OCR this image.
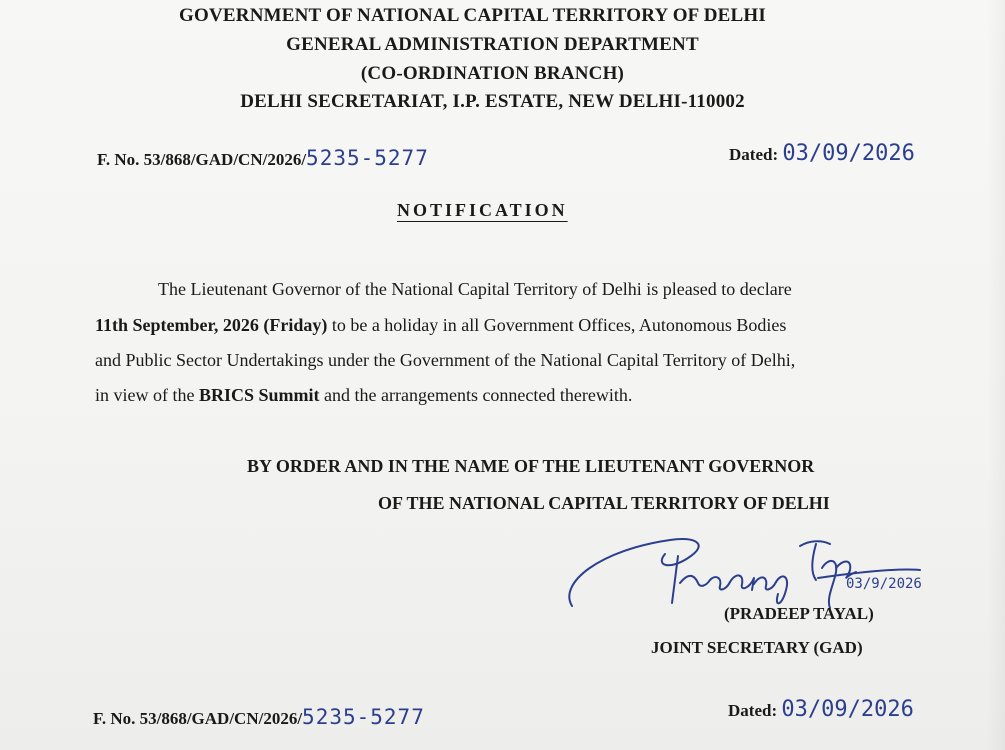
GOVERNMENT OF NATIONAL CAPITAL TERRITORY OF DELHI
GENERAL ADMINISTRATION DEPARTMENT
(CO-ORDINATION BRANCH)
DELHI SECRETARIAT, I.P. ESTATE, NEW DELHI-110002
F. No. 53/868/GAD/CN/2026/5235-5277	Dated: 03/09/2026
NOTIFICATION
The Lieutenant Governor of the National Capital Territory of Delhi is pleased to declare
11th September, 2026 (Friday) to be a holiday in all Government Offices, Autonomous Bodies
and Public Sector Undertakings under the Government of the National Capital Territory of Delhi,
in view of the BRICS Summit and the arrangements connected therewith.
BY ORDER AND IN THE NAME OF THE LIEUTENANT GOVERNOR
OF THE NATIONAL CAPITAL TERRITORY OF DELHI
03/9/2026
(PRADEEP TAYAL)
JOINT SECRETARY (GAD)
F. No. 53/868/GAD/CN/2026/5235-5277	Dated: 03/09/2026
